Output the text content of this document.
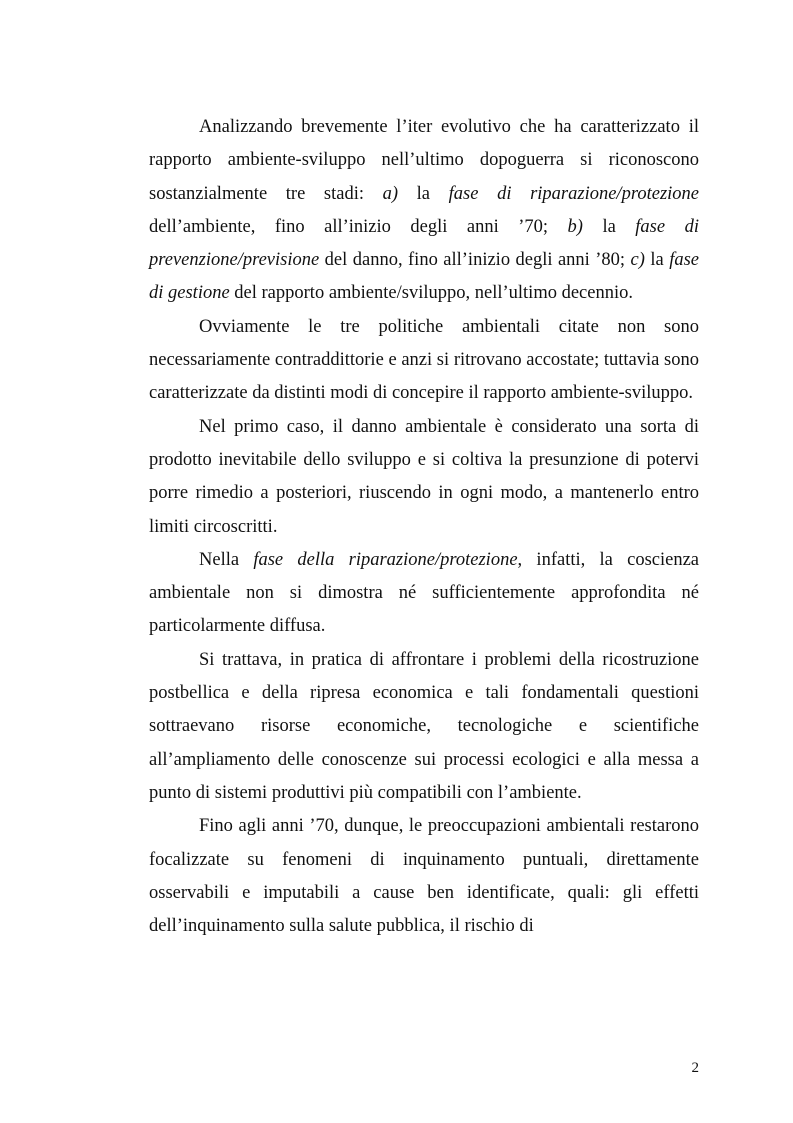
Analizzando brevemente l’iter evolutivo che ha caratterizzato il rapporto ambiente-sviluppo nell’ultimo dopoguerra si riconoscono sostanzialmente tre stadi: a) la fase di riparazione/protezione dell’ambiente, fino all’inizio degli anni ’70; b) la fase di prevenzione/previsione del danno, fino all’inizio degli anni ’80; c) la fase di gestione del rapporto ambiente/sviluppo, nell’ultimo decennio.

Ovviamente le tre politiche ambientali citate non sono necessariamente contraddittorie e anzi si ritrovano accostate; tuttavia sono caratterizzate da distinti modi di concepire il rapporto ambiente-sviluppo.

Nel primo caso, il danno ambientale è considerato una sorta di prodotto inevitabile dello sviluppo e si coltiva la presunzione di potervi porre rimedio a posteriori, riuscendo in ogni modo, a mantenerlo entro limiti circoscritti.

Nella fase della riparazione/protezione, infatti, la coscienza ambientale non si dimostra né sufficientemente approfondita né particolarmente diffusa.

Si trattava, in pratica di affrontare i problemi della ricostruzione postbellica e della ripresa economica e tali fondamentali questioni sottraevano risorse economiche, tecnologiche e scientifiche all’ampliamento delle conoscenze sui processi ecologici e alla messa a punto di sistemi produttivi più compatibili con l’ambiente.

Fino agli anni ’70, dunque, le preoccupazioni ambientali restarono focalizzate su fenomeni di inquinamento puntuali, direttamente osservabili e imputabili a cause ben identificate, quali: gli effetti dell’inquinamento sulla salute pubblica, il rischio di

2
